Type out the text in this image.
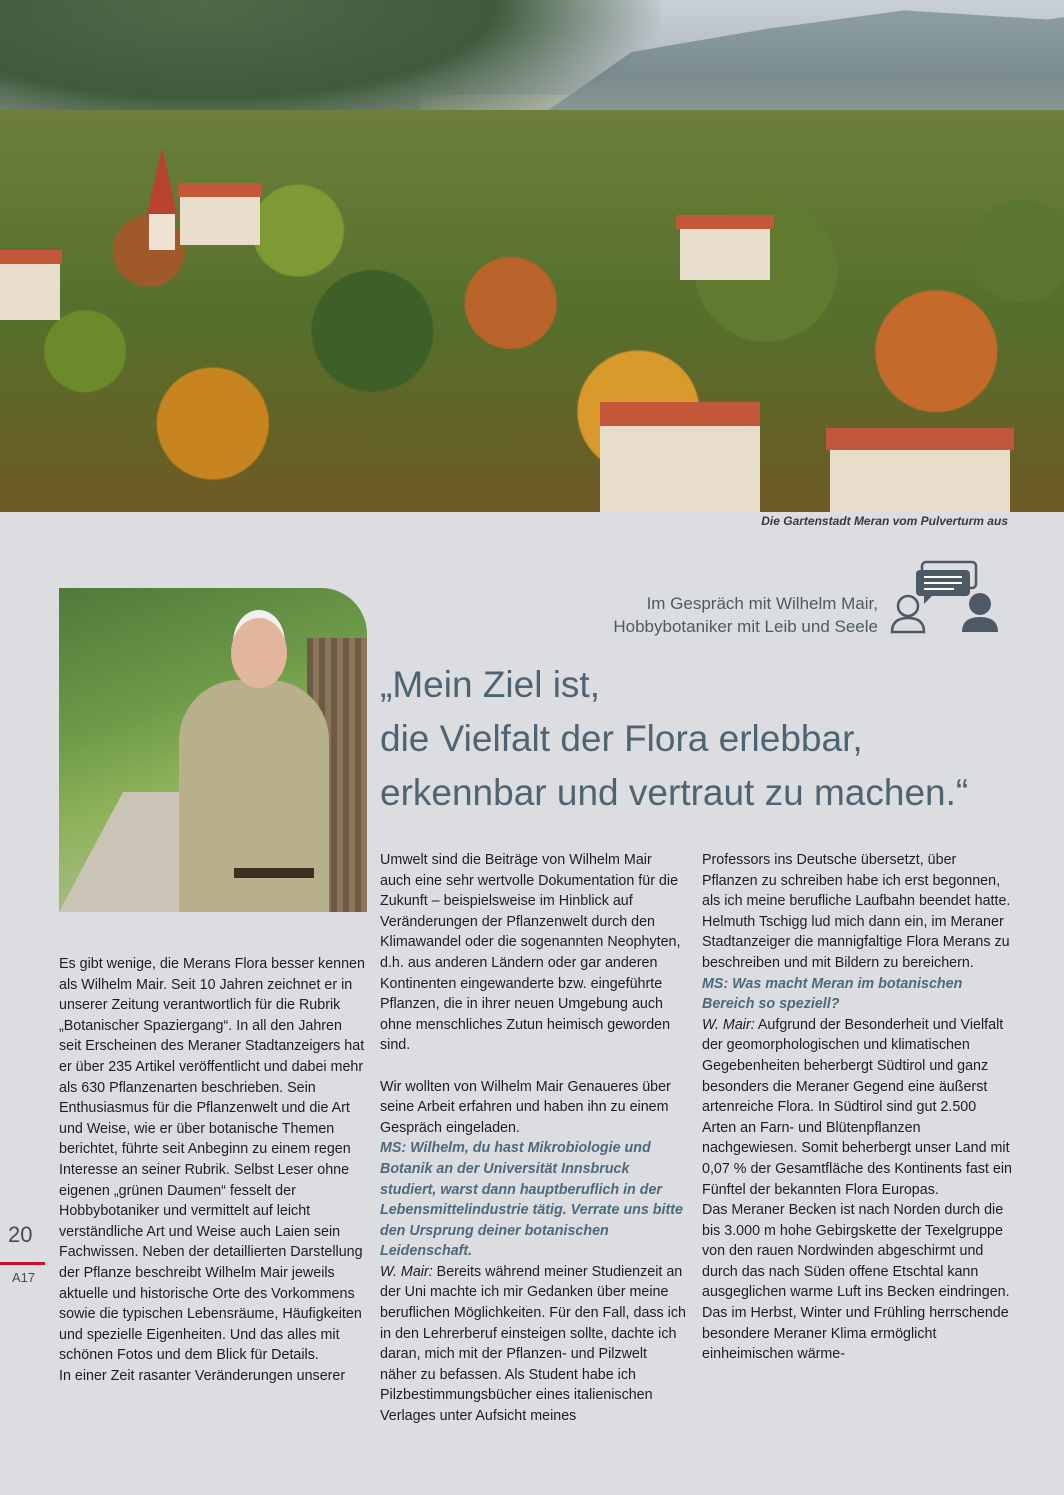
Die Gartenstadt Meran vom Pulverturm aus
Im Gespräch mit Wilhelm Mair,
Hobbybotaniker mit Leib und Seele
„Mein Ziel ist,
die Vielfalt der Flora erlebbar,
erkennbar und vertraut zu machen.“

Es gibt wenige, die Merans Flora besser kennen als Wilhelm Mair. Seit 10 Jahren zeichnet er in unserer Zeitung verantwortlich für die Rubrik „Botanischer Spaziergang“. In all den Jahren seit Erscheinen des Meraner Stadtanzeigers hat er über 235 Artikel veröffentlicht und dabei mehr als 630 Pflanzenarten beschrieben. Sein Enthusiasmus für die Pflanzenwelt und die Art und Weise, wie er über botanische Themen berichtet, führte seit Anbeginn zu einem regen Interesse an seiner Rubrik. Selbst Leser ohne eigenen „grünen Daumen“ fesselt der Hobbybotaniker und vermittelt auf leicht verständliche Art und Weise auch Laien sein Fachwissen. Neben der detaillierten Darstellung der Pflanze beschreibt Wilhelm Mair jeweils aktuelle und historische Orte des Vorkommens sowie die typischen Lebensräume, Häufigkeiten und spezielle Eigenheiten. Und das alles mit schönen Fotos und dem Blick für Details.

In einer Zeit rasanter Veränderungen unserer

Umwelt sind die Beiträge von Wilhelm Mair auch eine sehr wertvolle Dokumentation für die Zukunft – beispielsweise im Hinblick auf Veränderungen der Pflanzenwelt durch den Klimawandel oder die sogenannten Neophyten, d.h. aus anderen Ländern oder gar anderen Kontinenten eingewanderte bzw. eingeführte Pflanzen, die in ihrer neuen Umgebung auch ohne menschliches Zutun heimisch geworden sind.

Wir wollten von Wilhelm Mair Genaueres über seine Arbeit erfahren und haben ihn zu einem Gespräch eingeladen.

MS: Wilhelm, du hast Mikrobiologie und Botanik an der Universität Innsbruck studiert, warst dann hauptberuflich in der Lebensmittelindustrie tätig. Verrate uns bitte den Ursprung deiner botanischen Leidenschaft.

W. Mair: Bereits während meiner Studienzeit an der Uni machte ich mir Gedanken über meine beruflichen Möglichkeiten. Für den Fall, dass ich in den Lehrerberuf einsteigen sollte, dachte ich daran, mich mit der Pflanzen- und Pilzwelt näher zu befassen. Als Student habe ich Pilzbestimmungsbücher eines italienischen Verlages unter Aufsicht meines

Professors ins Deutsche übersetzt, über Pflanzen zu schreiben habe ich erst begonnen, als ich meine berufliche Laufbahn beendet hatte. Helmuth Tschigg lud mich dann ein, im Meraner Stadtanzeiger die mannigfaltige Flora Merans zu beschreiben und mit Bildern zu bereichern.

MS: Was macht Meran im botanischen Bereich so speziell?

W. Mair: Aufgrund der Besonderheit und Vielfalt der geomorphologischen und klimatischen Gegebenheiten beherbergt Südtirol und ganz besonders die Meraner Gegend eine äußerst artenreiche Flora. In Südtirol sind gut 2.500 Arten an Farn- und Blütenpflanzen nachgewiesen. Somit beherbergt unser Land mit 0,07 % der Gesamtfläche des Kontinents fast ein Fünftel der bekannten Flora Europas.

Das Meraner Becken ist nach Norden durch die bis 3.000 m hohe Gebirgskette der Texelgruppe von den rauen Nordwinden abgeschirmt und durch das nach Süden offene Etschtal kann ausgeglichen warme Luft ins Becken eindringen. Das im Herbst, Winter und Frühling herrschende besondere Meraner Klima ermöglicht einheimischen wärme-

20
A17
